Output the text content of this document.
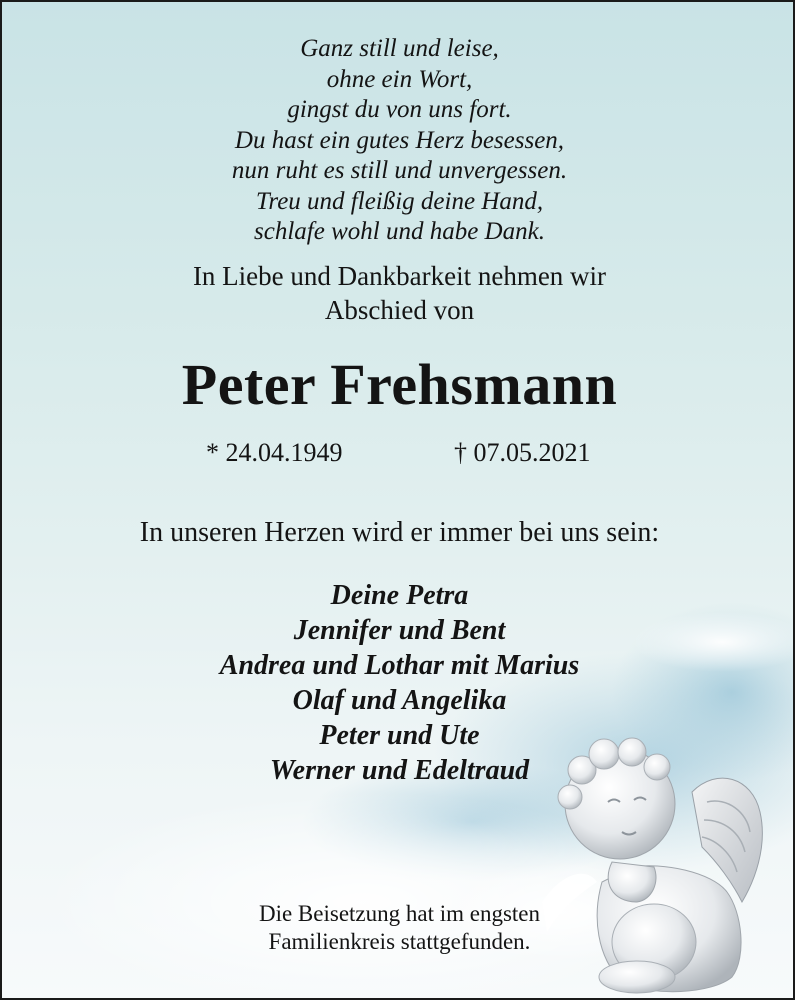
Ganz still und leise,
ohne ein Wort,
gingst du von uns fort.
Du hast ein gutes Herz besessen,
nun ruht es still und unvergessen.
Treu und fleißig deine Hand,
schlafe wohl und habe Dank.
In Liebe und Dankbarkeit nehmen wir
Abschied von
Peter Frehsmann
* 24.04.1949	† 07.05.2021
In unseren Herzen wird er immer bei uns sein:
Deine Petra
Jennifer und Bent
Andrea und Lothar mit Marius
Olaf und Angelika
Peter und Ute
Werner und Edeltraud
Die Beisetzung hat im engsten
Familienkreis stattgefunden.
